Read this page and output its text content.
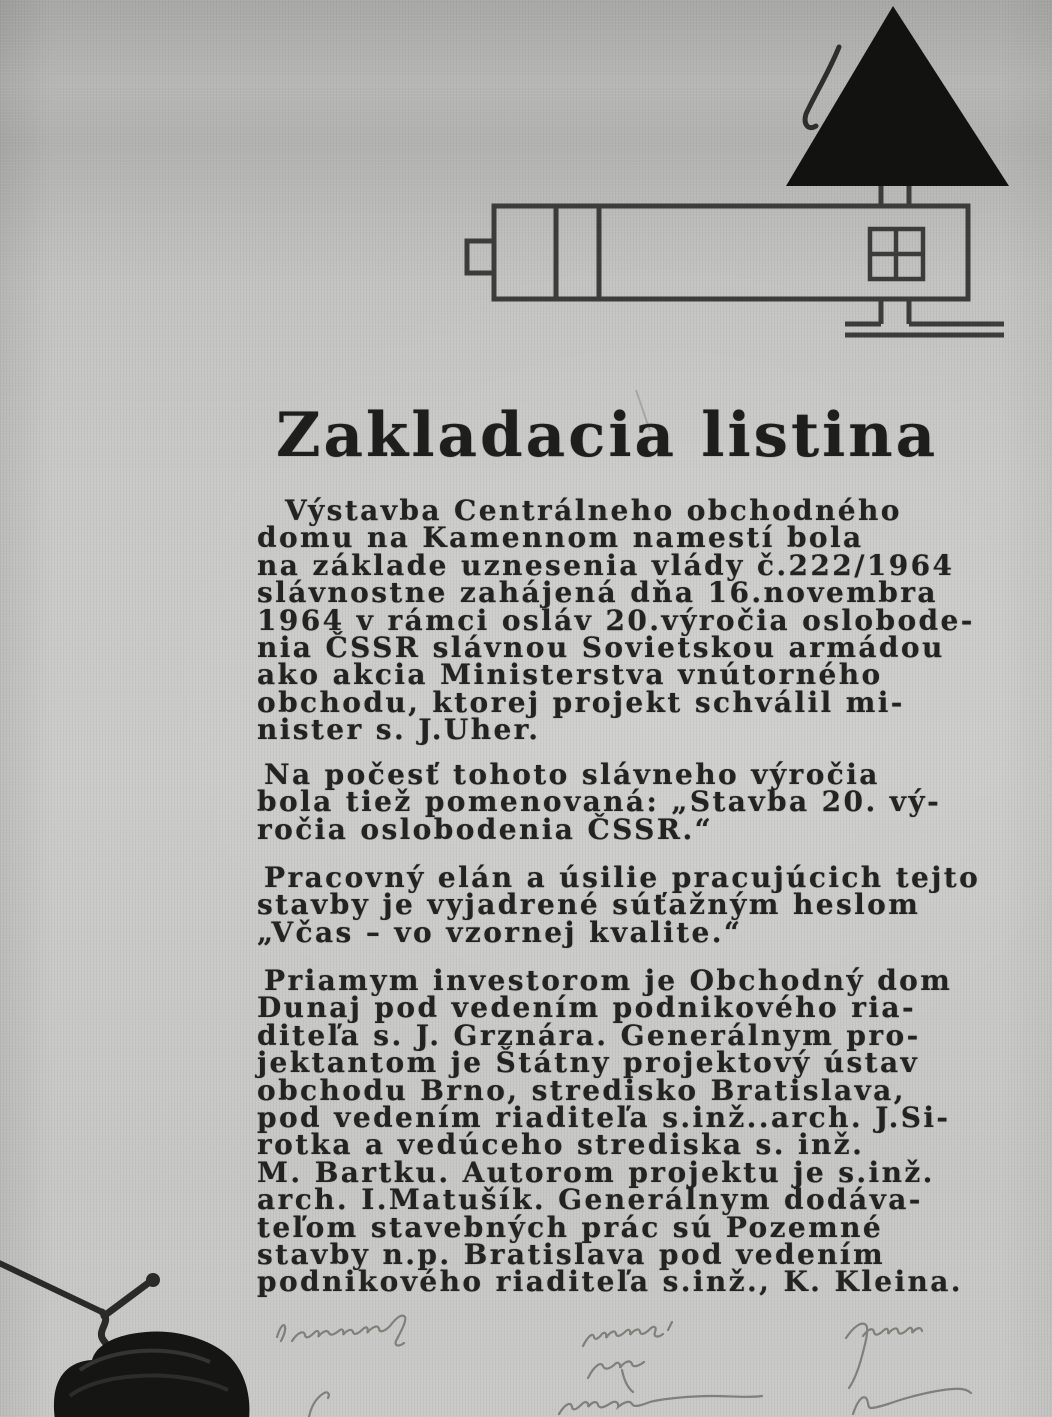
Zakladacia listina
Výstavba Centrálneho obchodného
domu na Kamennom namestí bola
na základe uznesenia vlády č.222/1964
slávnostne zahájená dňa 16.novembra
1964 v rámci osláv 20.výročia oslobode-
nia ČSSR slávnou Sovietskou armádou
ako akcia Ministerstva vnútorného
obchodu, ktorej projekt schválil mi-
nister s. J.Uher.
Na počesť tohoto slávneho výročia
bola tiež pomenovaná: „Stavba 20. vý-
ročia oslobodenia ČSSR.“
Pracovný elán a úsilie pracujúcich tejto
stavby je vyjadrené súťažným heslom
„Včas – vo vzornej kvalite.“
Priamym investorom je Obchodný dom
Dunaj pod vedením podnikového ria-
diteľa s. J. Grznára. Generálnym pro-
jektantom je Štátny projektový ústav
obchodu Brno, stredisko Bratislava,
pod vedením riaditeľa s.inž..arch. J.Si-
rotka a vedúceho strediska s. inž.
M. Bartku. Autorom projektu je s.inž.
arch. I.Matušík. Generálnym dodáva-
teľom stavebných prác sú Pozemné
stavby n.p. Bratislava pod vedením
podnikového riaditeľa s.inž., K. Kleina.
